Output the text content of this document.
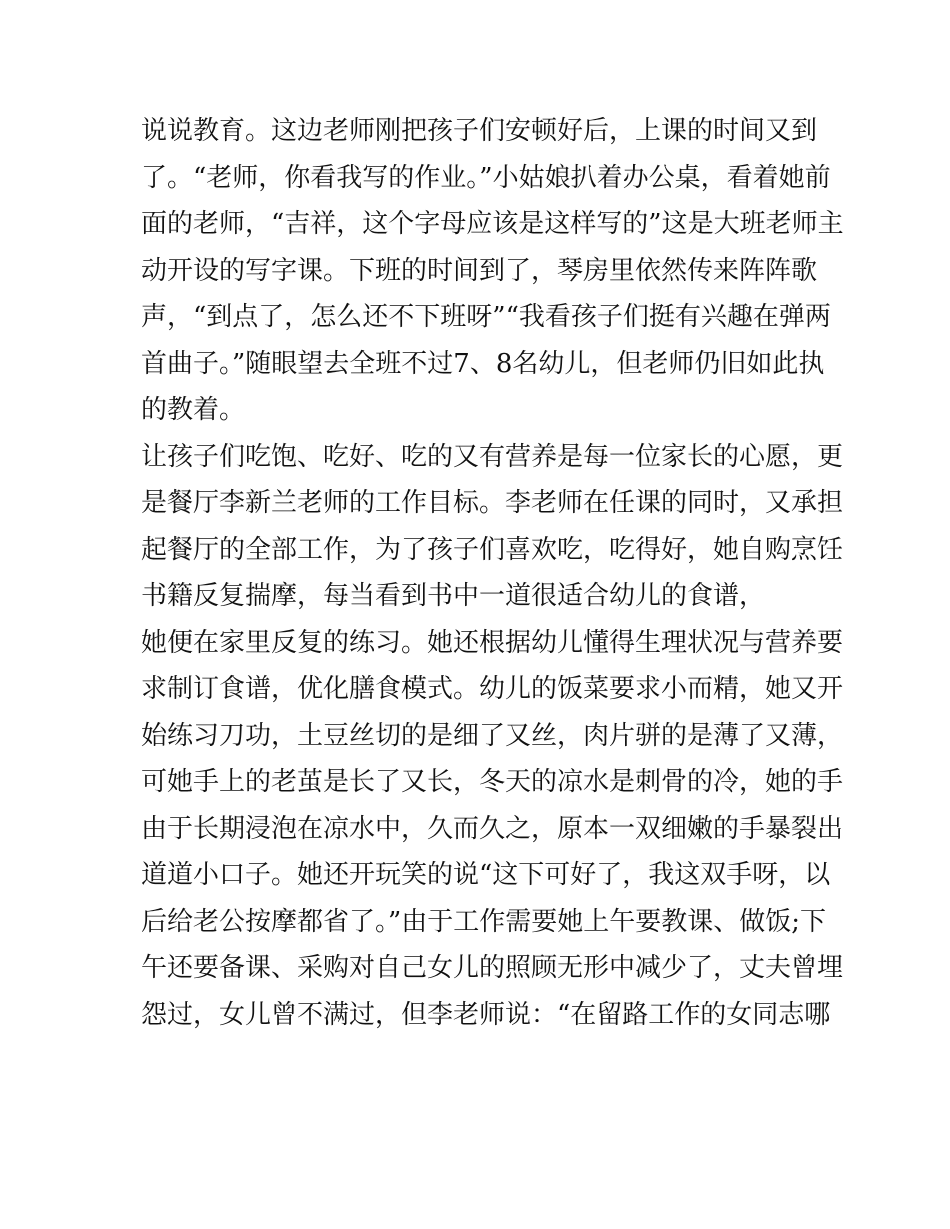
说说教育。这边老师刚把孩子们安顿好后，上课的时间又到
了。“老师，你看我写的作业。”小姑娘扒着办公桌，看着她前
面的老师，“吉祥，这个字母应该是这样写的”这是大班老师主
动开设的写字课。下班的时间到了，琴房里依然传来阵阵歌
声，“到点了，怎么还不下班呀”“我看孩子们挺有兴趣在弹两
首曲子。”随眼望去全班不过7、8名幼儿，但老师仍旧如此执
的教着。
让孩子们吃饱、吃好、吃的又有营养是每一位家长的心愿，更
是餐厅李新兰老师的工作目标。李老师在任课的同时，又承担
起餐厅的全部工作，为了孩子们喜欢吃，吃得好，她自购烹饪
书籍反复揣摩，每当看到书中一道很适合幼儿的食谱，
她便在家里反复的练习。她还根据幼儿懂得生理状况与营养要
求制订食谱，优化膳食模式。幼儿的饭菜要求小而精，她又开
始练习刀功，土豆丝切的是细了又丝，肉片骈的是薄了又薄，
可她手上的老茧是长了又长，冬天的凉水是刺骨的冷，她的手
由于长期浸泡在凉水中，久而久之，原本一双细嫩的手暴裂出
道道小口子。她还开玩笑的说“这下可好了，我这双手呀，以
后给老公按摩都省了。”由于工作需要她上午要教课、做饭;下
午还要备课、采购对自己女儿的照顾无形中减少了，丈夫曾埋
怨过，女儿曾不满过，但李老师说：“在留路工作的女同志哪
